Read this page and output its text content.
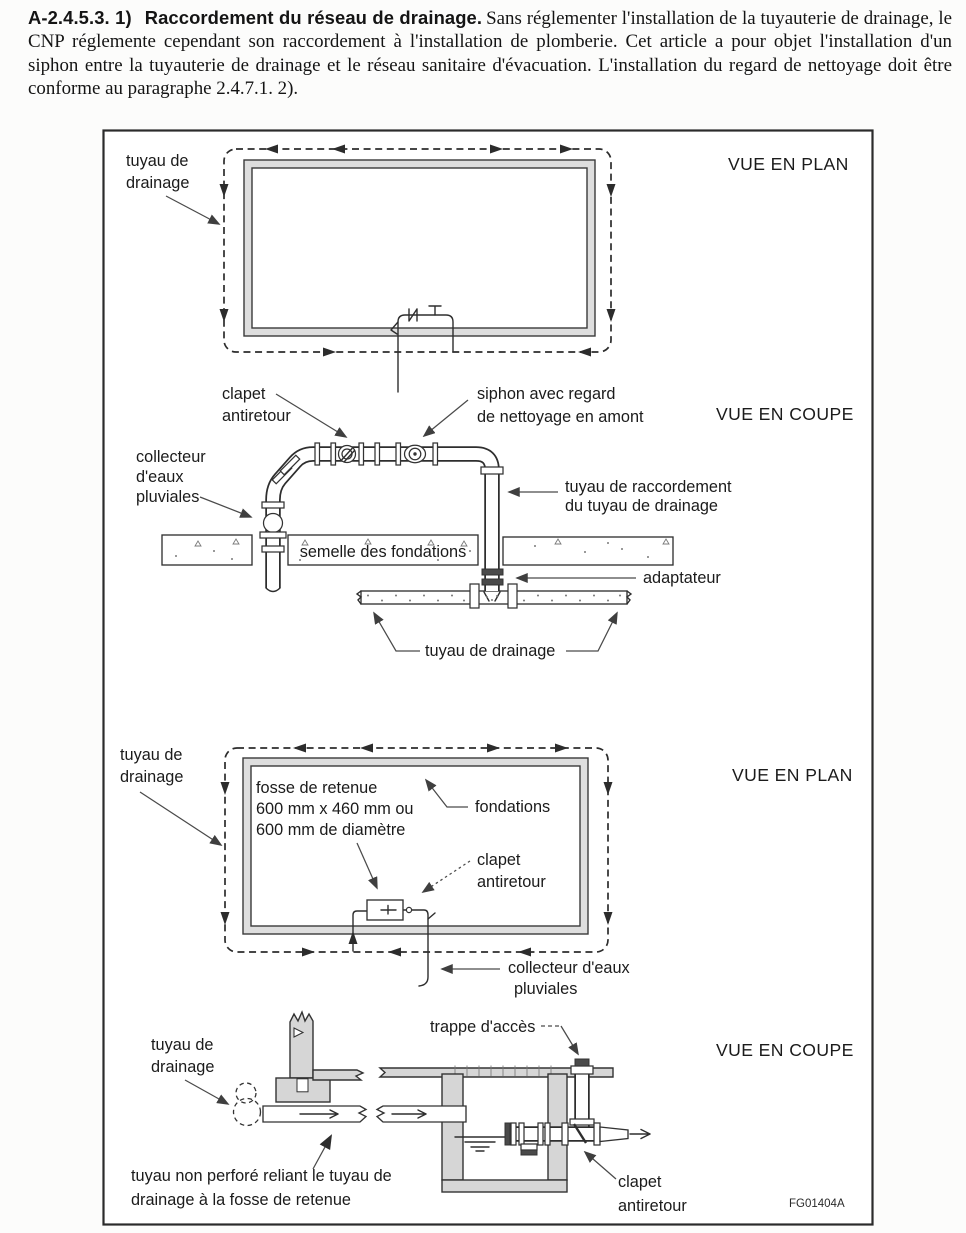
A-2.4.5.3. 1) Raccordement du réseau de drainage. Sans réglementer l'installation de la tuyauterie de drainage, le CNP réglemente cependant son raccordement à l'installation de plomberie. Cet article a pour objet l'installation d'un siphon entre la tuyauterie de drainage et le réseau sanitaire d'évacuation. L'installation du regard de nettoyage doit être conforme au paragraphe 2.4.7.1. 2).

tuyau de
drainage
VUE EN PLAN
semelle des fondations
clapet
antiretour
siphon avec regard
de nettoyage en amont	VUE EN COUPE
collecteur
d'eaux
pluviales
tuyau de raccordement
du tuyau de drainage
adaptateur
tuyau de drainage
tuyau de
drainage
fosse de retenue
600 mm x 460 mm ou
600 mm de diamètre
fondations
clapet
antiretour
collecteur d'eaux
pluviales
VUE EN PLAN
tuyau de
drainage
trappe d'accès
VUE EN COUPE
tuyau non perforé reliant le tuyau de
drainage à la fosse de retenue
clapet
antiretour	FG01404A
